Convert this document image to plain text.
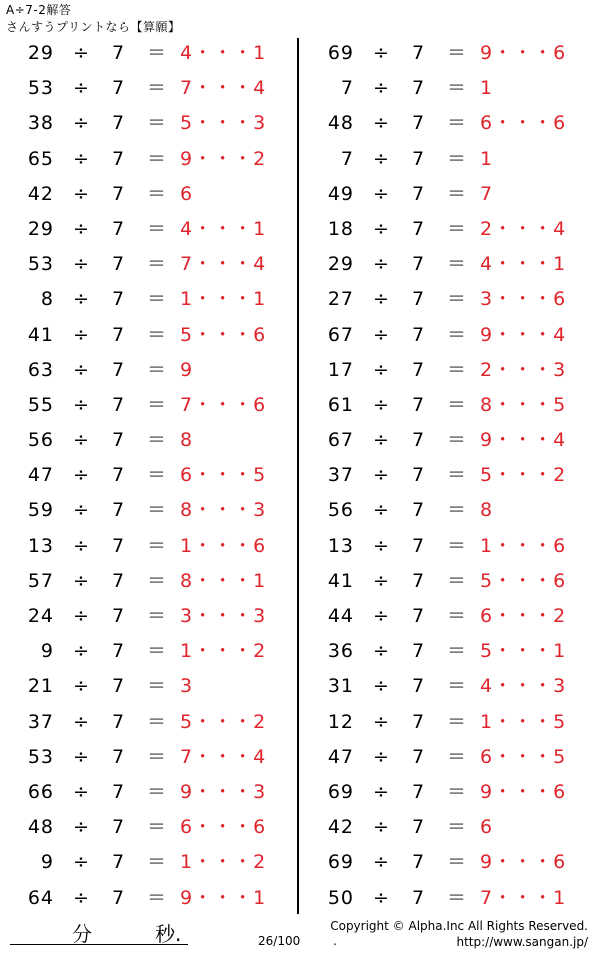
A÷7-2解答
さんすうプリントなら【算願】
29 ÷ 7 ＝ 4・・・1
53 ÷ 7 ＝ 7・・・4
38 ÷ 7 ＝ 5・・・3
65 ÷ 7 ＝ 9・・・2
42 ÷ 7 ＝ 6
29 ÷ 7 ＝ 4・・・1
53 ÷ 7 ＝ 7・・・4
8 ÷ 7 ＝ 1・・・1
41 ÷ 7 ＝ 5・・・6
63 ÷ 7 ＝ 9
55 ÷ 7 ＝ 7・・・6
56 ÷ 7 ＝ 8
47 ÷ 7 ＝ 6・・・5
59 ÷ 7 ＝ 8・・・3
13 ÷ 7 ＝ 1・・・6
57 ÷ 7 ＝ 8・・・1
24 ÷ 7 ＝ 3・・・3
9 ÷ 7 ＝ 1・・・2
21 ÷ 7 ＝ 3
37 ÷ 7 ＝ 5・・・2
53 ÷ 7 ＝ 7・・・4
66 ÷ 7 ＝ 9・・・3
48 ÷ 7 ＝ 6・・・6
9 ÷ 7 ＝ 1・・・2
64 ÷ 7 ＝ 9・・・1
69 ÷ 7 ＝ 9・・・6
7 ÷ 7 ＝ 1
48 ÷ 7 ＝ 6・・・6
7 ÷ 7 ＝ 1
49 ÷ 7 ＝ 7
18 ÷ 7 ＝ 2・・・4
29 ÷ 7 ＝ 4・・・1
27 ÷ 7 ＝ 3・・・6
67 ÷ 7 ＝ 9・・・4
17 ÷ 7 ＝ 2・・・3
61 ÷ 7 ＝ 8・・・5
67 ÷ 7 ＝ 9・・・4
37 ÷ 7 ＝ 5・・・2
56 ÷ 7 ＝ 8
13 ÷ 7 ＝ 1・・・6
41 ÷ 7 ＝ 5・・・6
44 ÷ 7 ＝ 6・・・2
36 ÷ 7 ＝ 5・・・1
31 ÷ 7 ＝ 4・・・3
12 ÷ 7 ＝ 1・・・5
47 ÷ 7 ＝ 6・・・5
69 ÷ 7 ＝ 9・・・6
42 ÷ 7 ＝ 6
69 ÷ 7 ＝ 9・・・6
50 ÷ 7 ＝ 7・・・1
分	秒.	26/100	.
Copyright © Alpha.Inc All Rights Reserved.
http://www.sangan.jp/
